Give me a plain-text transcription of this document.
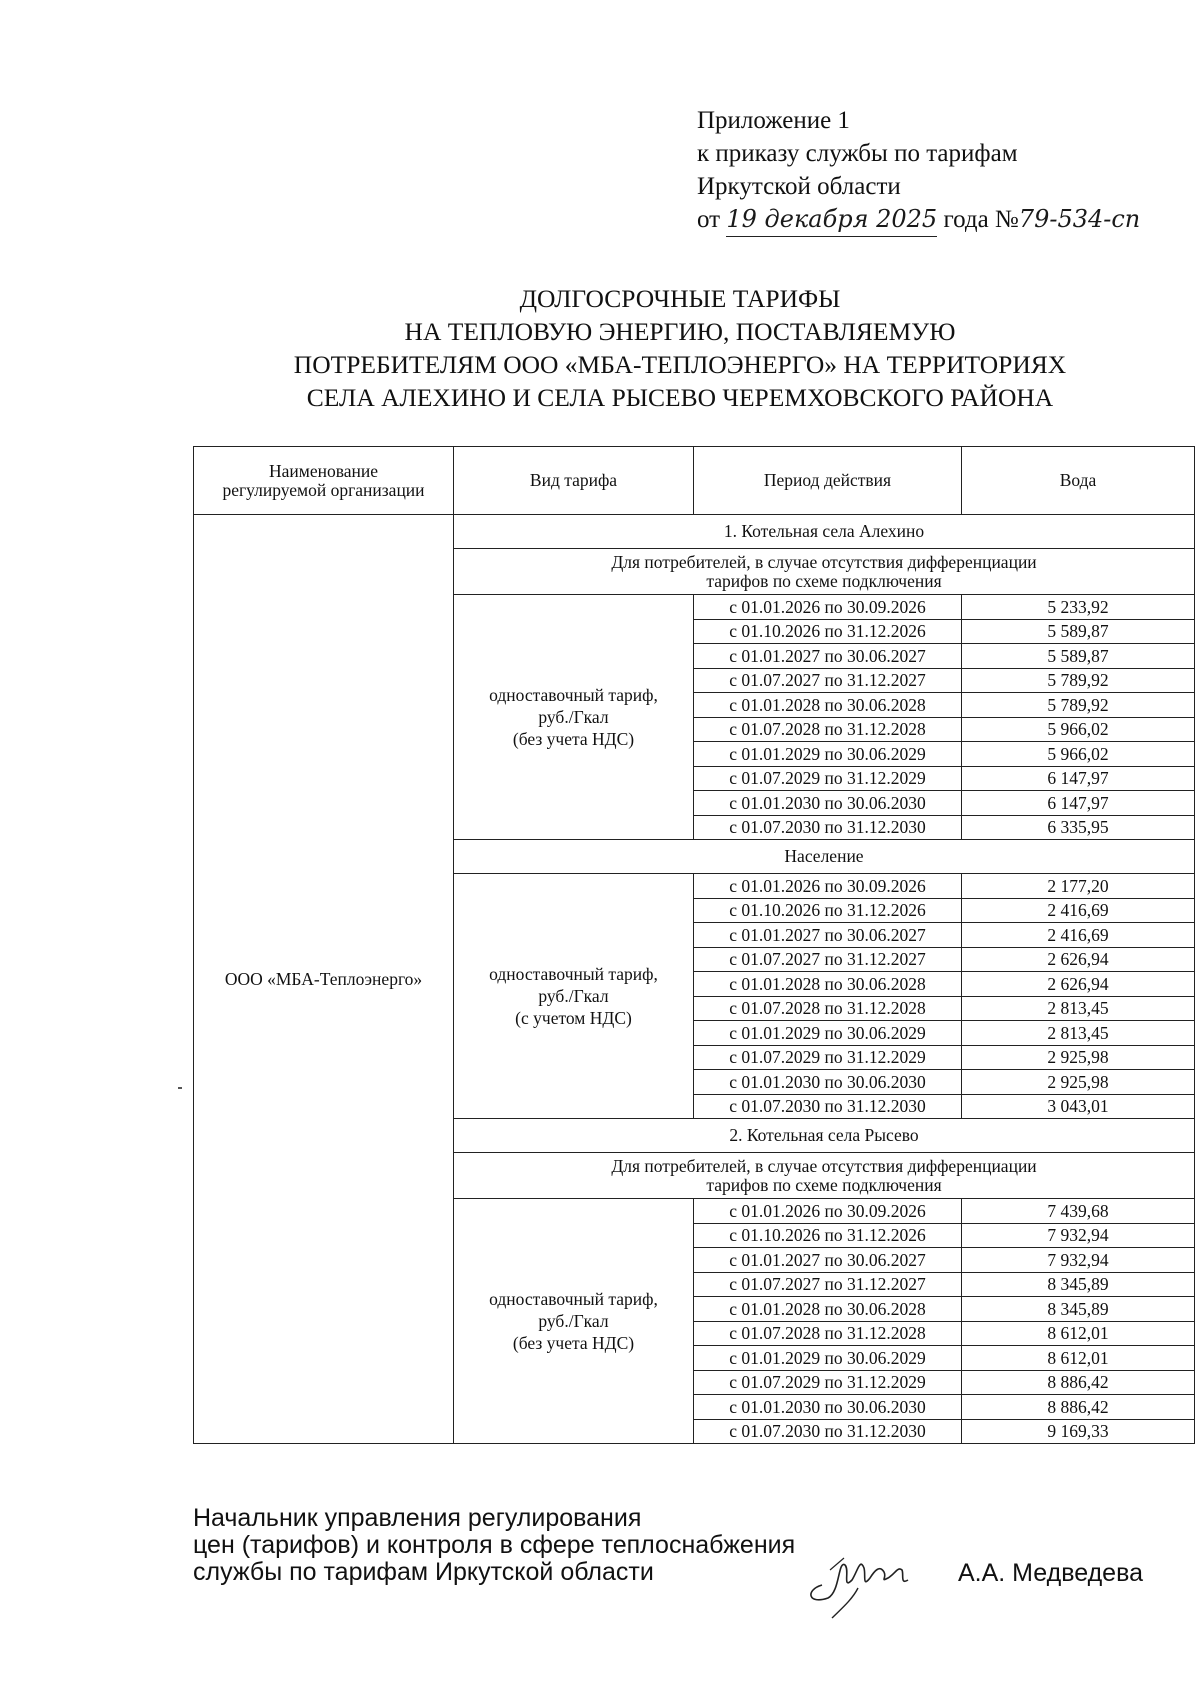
Приложение 1
к приказу службы по тарифам
Иркутской области
от 19 декабря 2025 года №79-534-сп
ДОЛГОСРОЧНЫЕ ТАРИФЫ
НА ТЕПЛОВУЮ ЭНЕРГИЮ, ПОСТАВЛЯЕМУЮ
ПОТРЕБИТЕЛЯМ ООО «МБА-ТЕПЛОЭНЕРГО» НА ТЕРРИТОРИЯХ
СЕЛА АЛЕХИНО И СЕЛА РЫСЕВО ЧЕРЕМХОВСКОГО РАЙОНА
Наименование
регулируемой организации	Вид тарифа	Период действия	Вода
ООО «МБА-Теплоэнерго»	1. Котельная села Алехино		
	Для потребителей, в случае отсутствия дифференциации
тарифов по схеме подключения		
	одноставочный тариф,
руб./Гкал
(без учета НДС)	с 01.01.2026 по 30.09.2026	5 233,92
		с 01.10.2026 по 31.12.2026	5 589,87
		с 01.01.2027 по 30.06.2027	5 589,87
		с 01.07.2027 по 31.12.2027	5 789,92
		с 01.01.2028 по 30.06.2028	5 789,92
		с 01.07.2028 по 31.12.2028	5 966,02
		с 01.01.2029 по 30.06.2029	5 966,02
		с 01.07.2029 по 31.12.2029	6 147,97
		с 01.01.2030 по 30.06.2030	6 147,97
		с 01.07.2030 по 31.12.2030	6 335,95
	Население		
	одноставочный тариф,
руб./Гкал
(с учетом НДС)	с 01.01.2026 по 30.09.2026	2 177,20
		с 01.10.2026 по 31.12.2026	2 416,69
		с 01.01.2027 по 30.06.2027	2 416,69
		с 01.07.2027 по 31.12.2027	2 626,94
		с 01.01.2028 по 30.06.2028	2 626,94
		с 01.07.2028 по 31.12.2028	2 813,45
		с 01.01.2029 по 30.06.2029	2 813,45
		с 01.07.2029 по 31.12.2029	2 925,98
		с 01.01.2030 по 30.06.2030	2 925,98
		с 01.07.2030 по 31.12.2030	3 043,01
	2. Котельная села Рысево		
	Для потребителей, в случае отсутствия дифференциации
тарифов по схеме подключения		
	одноставочный тариф,
руб./Гкал
(без учета НДС)	с 01.01.2026 по 30.09.2026	7 439,68
		с 01.10.2026 по 31.12.2026	7 932,94
		с 01.01.2027 по 30.06.2027	7 932,94
		с 01.07.2027 по 31.12.2027	8 345,89
		с 01.01.2028 по 30.06.2028	8 345,89
		с 01.07.2028 по 31.12.2028	8 612,01
		с 01.01.2029 по 30.06.2029	8 612,01
		с 01.07.2029 по 31.12.2029	8 886,42
		с 01.01.2030 по 30.06.2030	8 886,42
		с 01.07.2030 по 31.12.2030	9 169,33
Начальник управления регулирования
цен (тарифов) и контроля в сфере теплоснабжения
службы по тарифам Иркутской области	А.А. Медведева
